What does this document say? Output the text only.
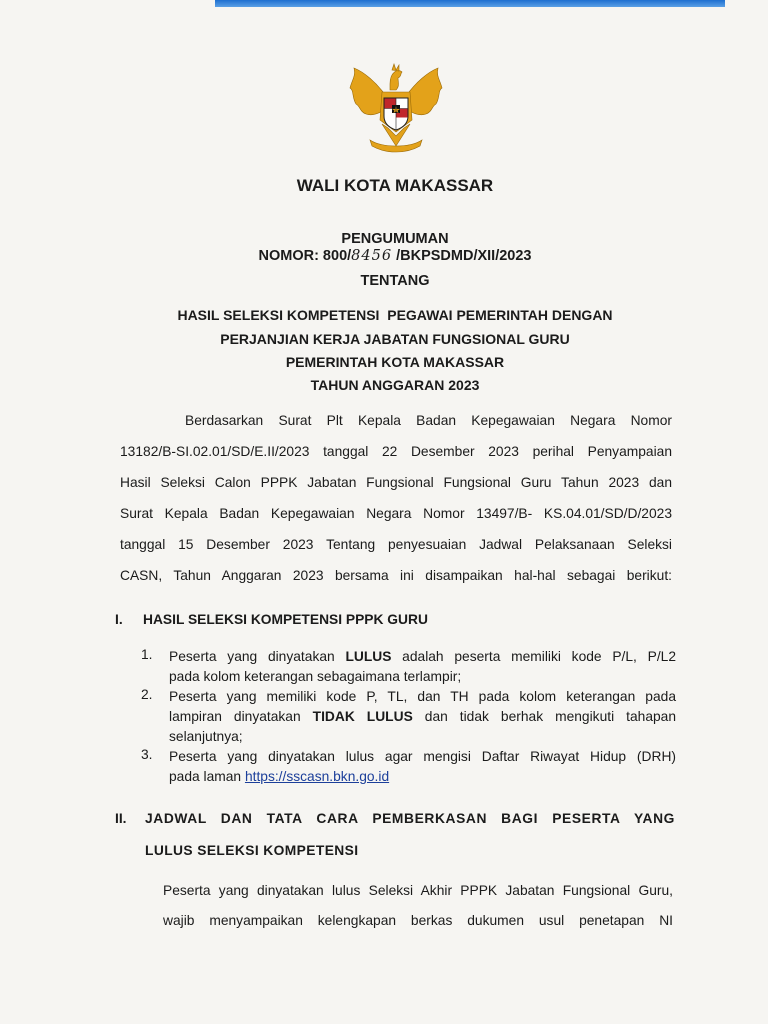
WALI KOTA MAKASSAR
PENGUMUMAN
NOMOR: 800/8456 /BKPSDMD/XII/2023
TENTANG
HASIL SELEKSI KOMPETENSI  PEGAWAI PEMERINTAH DENGAN
PERJANJIAN KERJA JABATAN FUNGSIONAL GURU
PEMERINTAH KOTA MAKASSAR
TAHUN ANGGARAN 2023
Berdasarkan Surat Plt Kepala Badan Kepegawaian Negara Nomor
13182/B-SI.02.01/SD/E.II/2023 tanggal 22 Desember 2023 perihal Penyampaian
Hasil Seleksi Calon PPPK Jabatan Fungsional Fungsional Guru Tahun 2023 dan
Surat Kepala Badan Kepegawaian Negara Nomor 13497/B- KS.04.01/SD/D/2023
tanggal 15 Desember 2023 Tentang penyesuaian Jadwal Pelaksanaan Seleksi
CASN, Tahun Anggaran 2023 bersama ini disampaikan hal-hal sebagai berikut:
I. HASIL SELEKSI KOMPETENSI PPPK GURU
1. Peserta yang dinyatakan LULUS adalah peserta memiliki kode P/L, P/L2
pada kolom keterangan sebagaimana terlampir;
2. Peserta yang memiliki kode P, TL, dan TH pada kolom keterangan pada
lampiran dinyatakan TIDAK LULUS dan tidak berhak mengikuti tahapan
selanjutnya;
3. Peserta yang dinyatakan lulus agar mengisi Daftar Riwayat Hidup (DRH)
pada laman https://sscasn.bkn.go.id
II. JADWAL DAN TATA CARA PEMBERKASAN BAGI PESERTA YANG
LULUS SELEKSI KOMPETENSI
Peserta yang dinyatakan lulus Seleksi Akhir PPPK Jabatan Fungsional Guru,
wajib menyampaikan kelengkapan berkas dukumen usul penetapan NI
